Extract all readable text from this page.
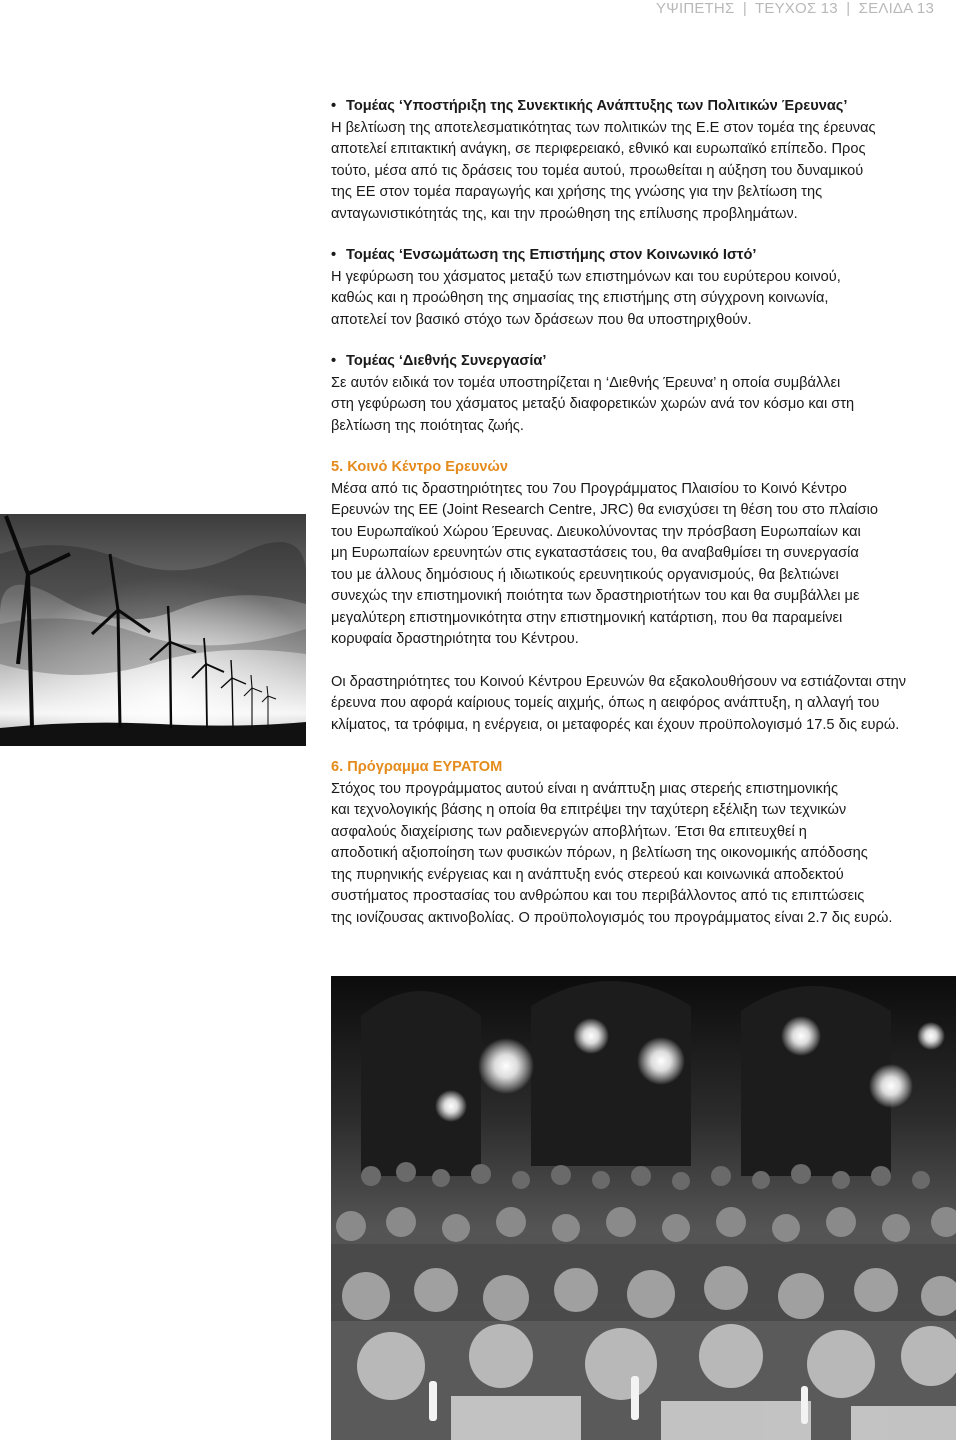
ΥΨΙΠΕΤΗΣ | ΤΕΥΧΟΣ 13 | ΣΕΛΙΔΑ 13
• Τομέας ‘Υποστήριξη της Συνεκτικής Ανάπτυξης των Πολιτικών Έρευνας’
Η βελτίωση της αποτελεσματικότητας των πολιτικών της Ε.Ε στον τομέα της έρευνας
αποτελεί επιτακτική ανάγκη, σε περιφερειακό, εθνικό και ευρωπαϊκό επίπεδο. Προς
τούτο, μέσα από τις δράσεις του τομέα αυτού, προωθείται η αύξηση του δυναμικού
της ΕΕ στον τομέα παραγωγής και χρήσης της γνώσης για την βελτίωση της
ανταγωνιστικότητάς της, και την προώθηση της επίλυσης προβλημάτων.
• Τομέας ‘Ενσωμάτωση της Επιστήμης στον Κοινωνικό Ιστό’
Η γεφύρωση του χάσματος μεταξύ των επιστημόνων και του ευρύτερου κοινού,
καθώς και η προώθηση της σημασίας της επιστήμης στη σύγχρονη κοινωνία,
αποτελεί τον βασικό στόχο των δράσεων που θα υποστηριχθούν.
• Τομέας ‘Διεθνής Συνεργασία’
Σε αυτόν ειδικά τον τομέα υποστηρίζεται η ‘Διεθνής Έρευνα’ η οποία συμβάλλει
στη γεφύρωση του χάσματος μεταξύ διαφορετικών χωρών ανά τον κόσμο και στη
βελτίωση της ποιότητας ζωής.
5. Κοινό Κέντρο Ερευνών
Μέσα από τις δραστηριότητες του 7ου Προγράμματος Πλαισίου το Κοινό Κέντρο
Ερευνών της ΕΕ (Joint Research Centre, JRC) θα ενισχύσει τη θέση του στο πλαίσιο
του Ευρωπαϊκού Χώρου Έρευνας. Διευκολύνοντας την πρόσβαση Ευρωπαίων και
μη Ευρωπαίων ερευνητών στις εγκαταστάσεις του, θα αναβαθμίσει τη συνεργασία
του με άλλους δημόσιους ή ιδιωτικούς ερευνητικούς οργανισμούς, θα βελτιώνει
συνεχώς την επιστημονική ποιότητα των δραστηριοτήτων του και θα συμβάλλει με
μεγαλύτερη επιστημονικότητα στην επιστημονική κατάρτιση, που θα παραμείνει
κορυφαία δραστηριότητα του Κέντρου.
Οι δραστηριότητες του Κοινού Κέντρου Ερευνών θα εξακολουθήσουν να εστιάζονται στην
έρευνα που αφορά καίριους τομείς αιχμής, όπως η αειφόρος ανάπτυξη, η αλλαγή του
κλίματος, τα τρόφιμα, η ενέργεια, οι μεταφορές και έχουν προϋπολογισμό 17.5 δις ευρώ.
6. Πρόγραμμα ΕΥΡΑΤΟΜ
Στόχος του προγράμματος αυτού είναι η ανάπτυξη μιας στερεής επιστημονικής
και τεχνολογικής βάσης η οποία θα επιτρέψει την ταχύτερη εξέλιξη των τεχνικών
ασφαλούς διαχείρισης των ραδιενεργών αποβλήτων. Έτσι θα επιτευχθεί η
αποδοτική αξιοποίηση των φυσικών πόρων, η βελτίωση της οικονομικής απόδοσης
της πυρηνικής ενέργειας και η ανάπτυξη ενός στερεού και κοινωνικά αποδεκτού
συστήματος προστασίας του ανθρώπου και του περιβάλλοντος από τις επιπτώσεις
της ιονίζουσας ακτινοβολίας. Ο προϋπολογισμός του προγράμματος είναι 2.7 δις ευρώ.
